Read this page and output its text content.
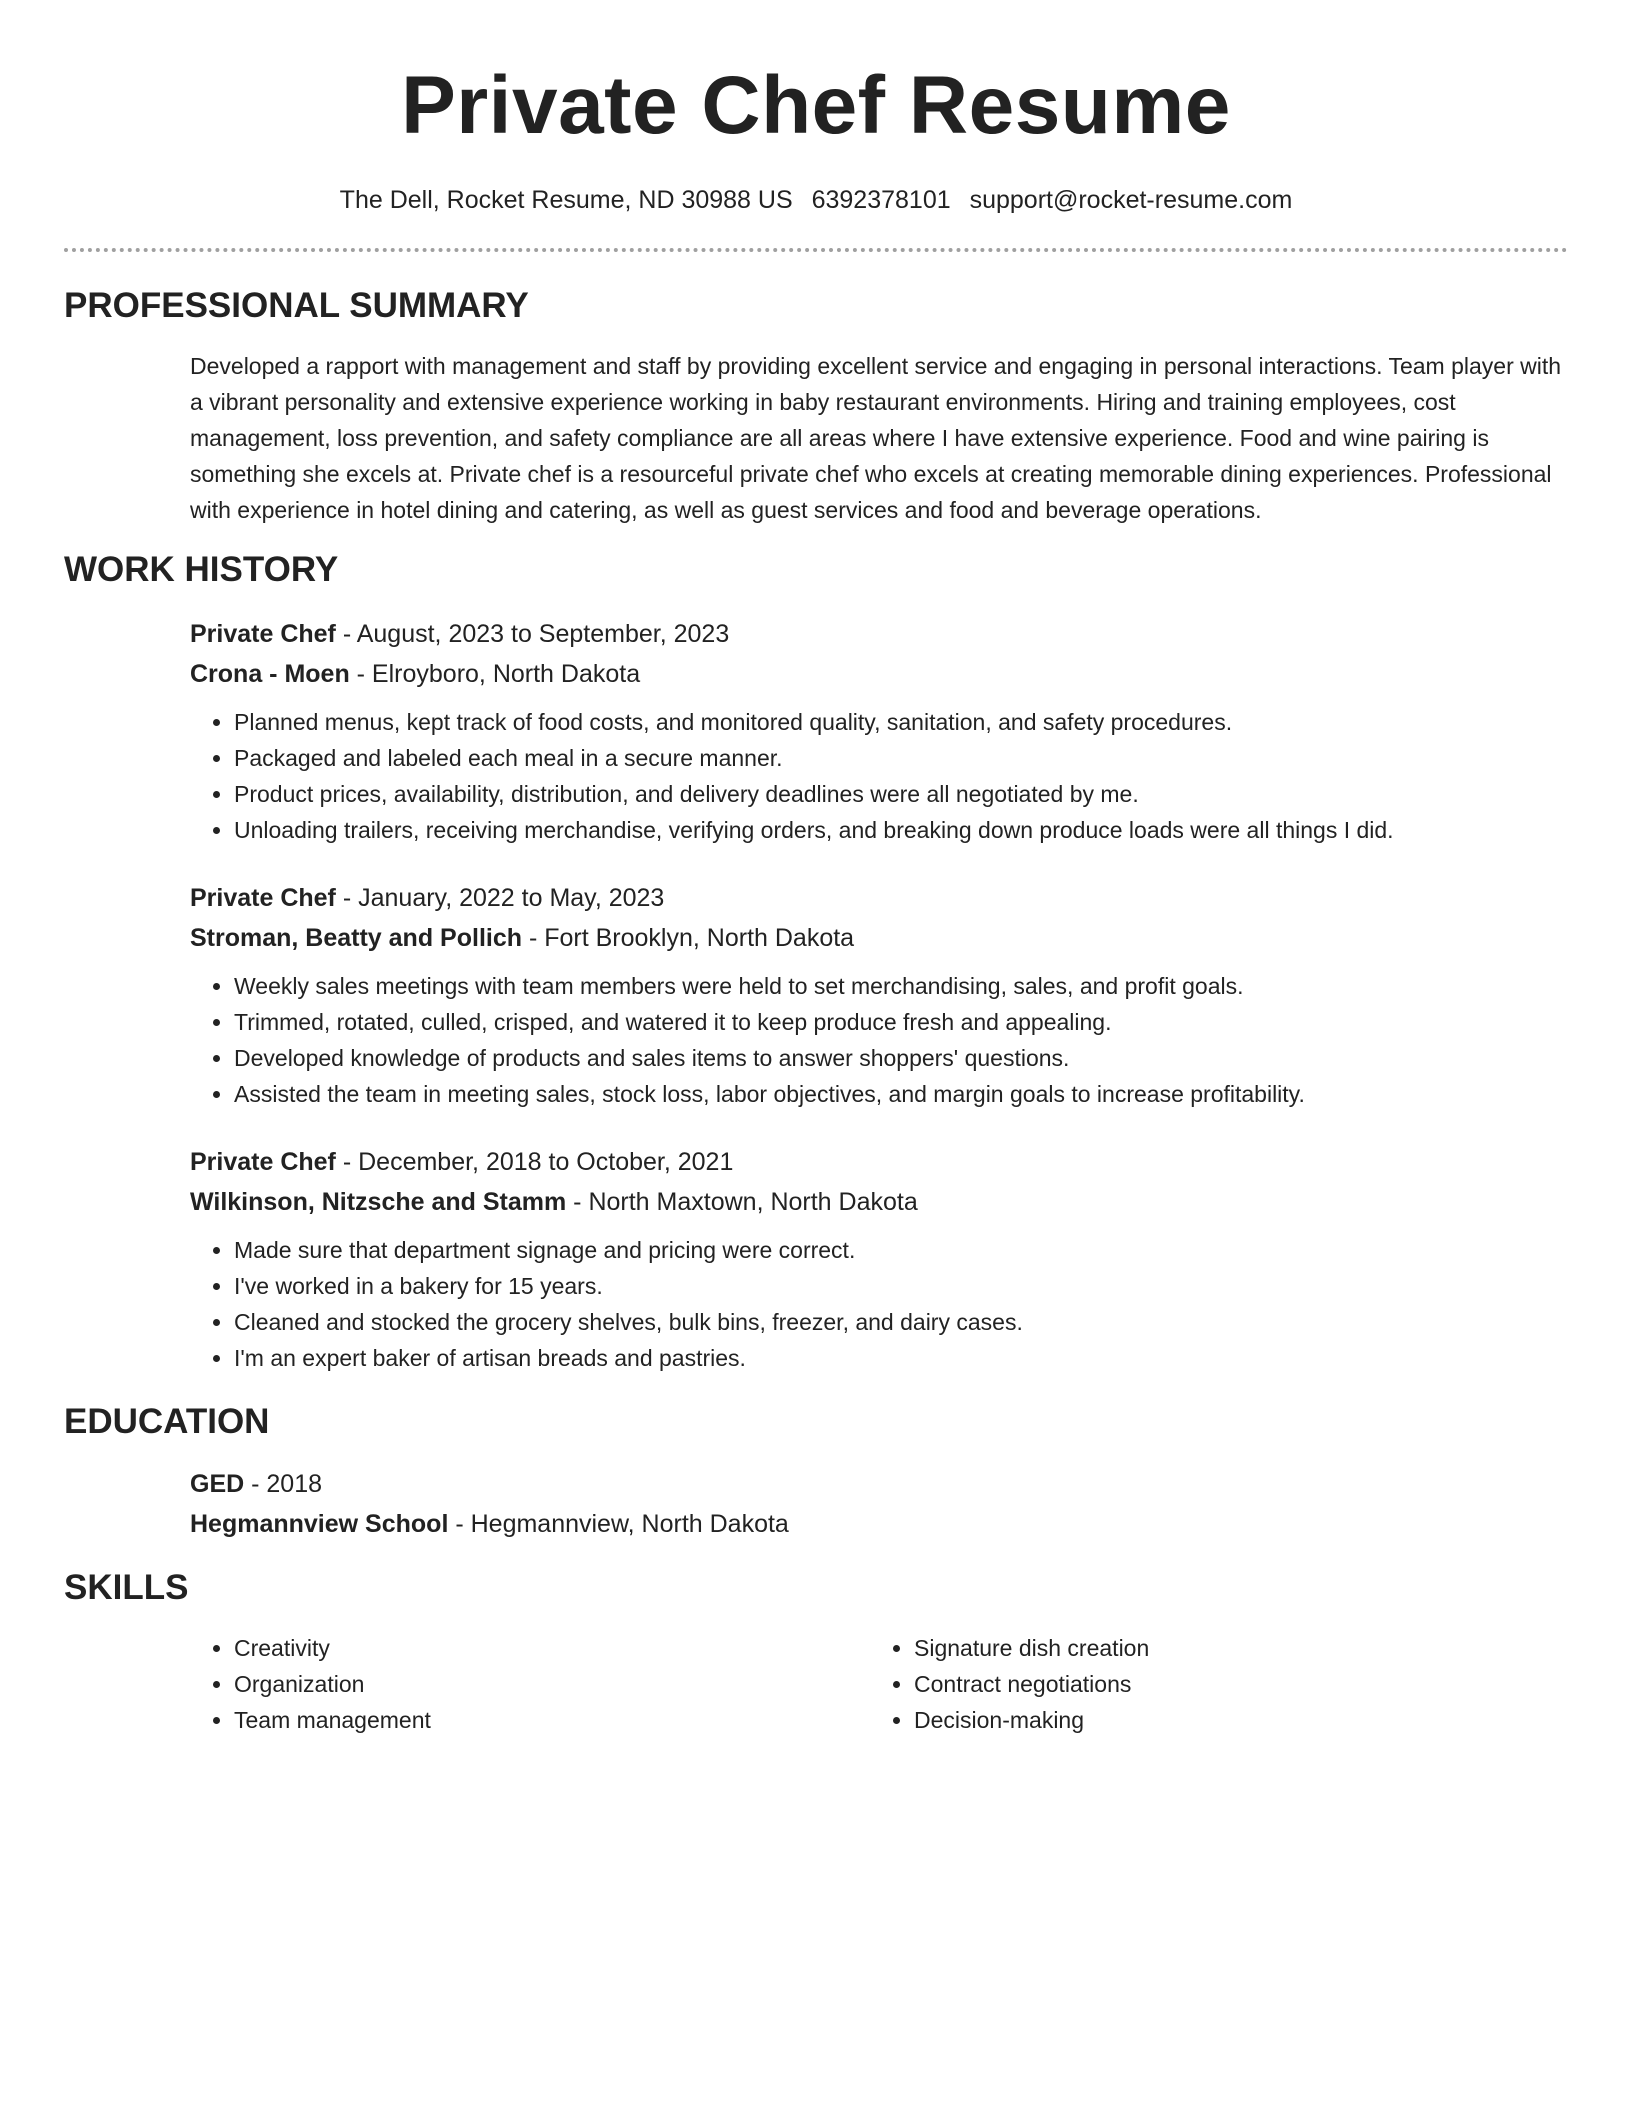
Private Chef Resume
The Dell, Rocket Resume, ND 30988 US 6392378101 support@rocket-resume.com
PROFESSIONAL SUMMARY
Developed a rapport with management and staff by providing excellent service and engaging in personal interactions. Team player with a vibrant personality and extensive experience working in baby restaurant environments. Hiring and training employees, cost management, loss prevention, and safety compliance are all areas where I have extensive experience. Food and wine pairing is something she excels at. Private chef is a resourceful private chef who excels at creating memorable dining experiences. Professional with experience in hotel dining and catering, as well as guest services and food and beverage operations.
WORK HISTORY
Private Chef - August, 2023 to September, 2023
Crona - Moen - Elroyboro, North Dakota
• Planned menus, kept track of food costs, and monitored quality, sanitation, and safety procedures.
• Packaged and labeled each meal in a secure manner.
• Product prices, availability, distribution, and delivery deadlines were all negotiated by me.
• Unloading trailers, receiving merchandise, verifying orders, and breaking down produce loads were all things I did.
Private Chef - January, 2022 to May, 2023
Stroman, Beatty and Pollich - Fort Brooklyn, North Dakota
• Weekly sales meetings with team members were held to set merchandising, sales, and profit goals.
• Trimmed, rotated, culled, crisped, and watered it to keep produce fresh and appealing.
• Developed knowledge of products and sales items to answer shoppers' questions.
• Assisted the team in meeting sales, stock loss, labor objectives, and margin goals to increase profitability.
Private Chef - December, 2018 to October, 2021
Wilkinson, Nitzsche and Stamm - North Maxtown, North Dakota
• Made sure that department signage and pricing were correct.
• I've worked in a bakery for 15 years.
• Cleaned and stocked the grocery shelves, bulk bins, freezer, and dairy cases.
• I'm an expert baker of artisan breads and pastries.
EDUCATION
GED - 2018
Hegmannview School - Hegmannview, North Dakota
SKILLS
• Creativity
• Organization
• Team management
• Signature dish creation
• Contract negotiations
• Decision-making
